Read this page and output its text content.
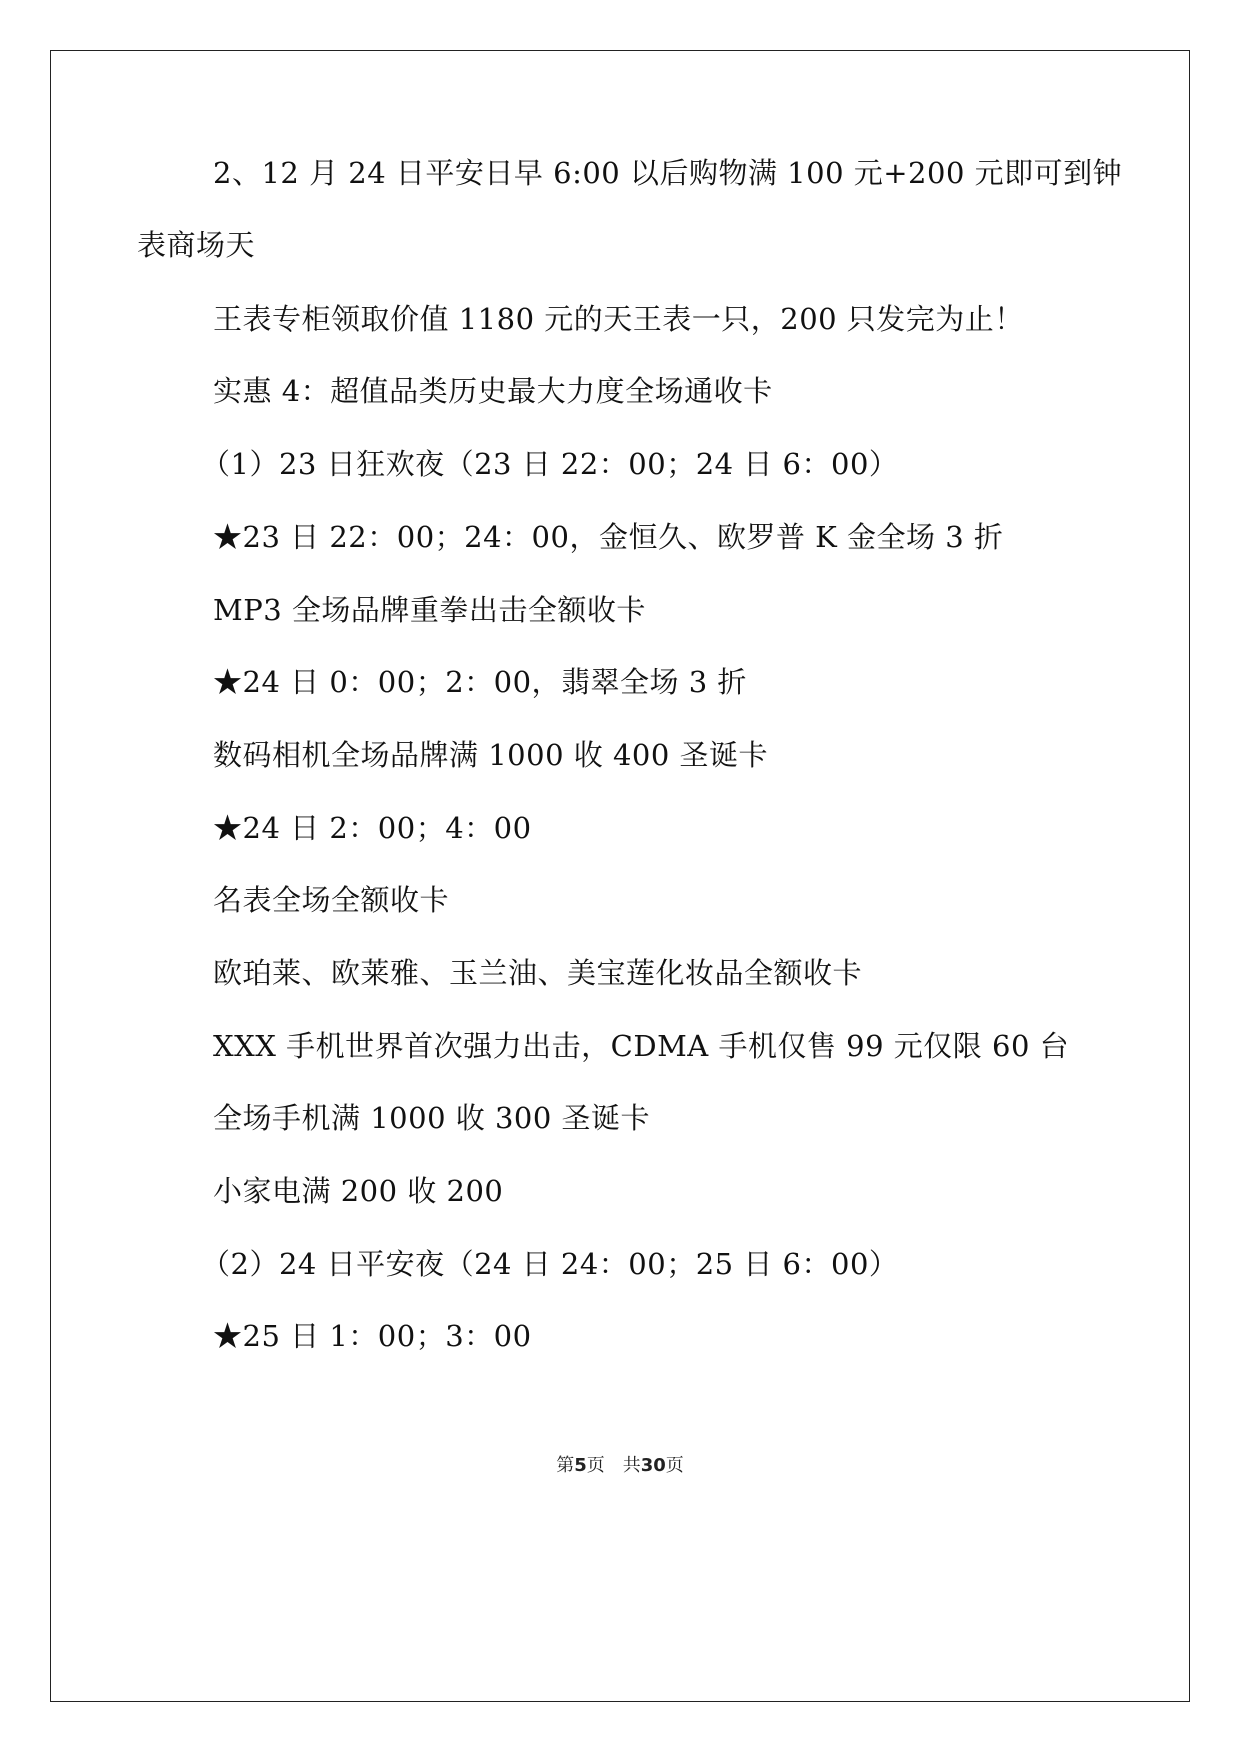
2、12 月 24 日平安日早 6:00 以后购物满 100 元+200 元即可到钟
表商场天
王表专柜领取价值 1180 元的天王表一只，200 只发完为止！
实惠 4：超值品类历史最大力度全场通收卡
（1）23 日狂欢夜（23 日 22：00；24 日 6：00）
★23 日 22：00；24：00，金恒久、欧罗普 K 金全场 3 折
MP3 全场品牌重拳出击全额收卡
★24 日 0：00；2：00，翡翠全场 3 折
数码相机全场品牌满 1000 收 400 圣诞卡
★24 日 2：00；4：00
名表全场全额收卡
欧珀莱、欧莱雅、玉兰油、美宝莲化妆品全额收卡
XXX 手机世界首次强力出击，CDMA 手机仅售 99 元仅限 60 台
全场手机满 1000 收 300 圣诞卡
小家电满 200 收 200
（2）24 日平安夜（24 日 24：00；25 日 6：00）
★25 日 1：00；3：00
第5页 共30页
